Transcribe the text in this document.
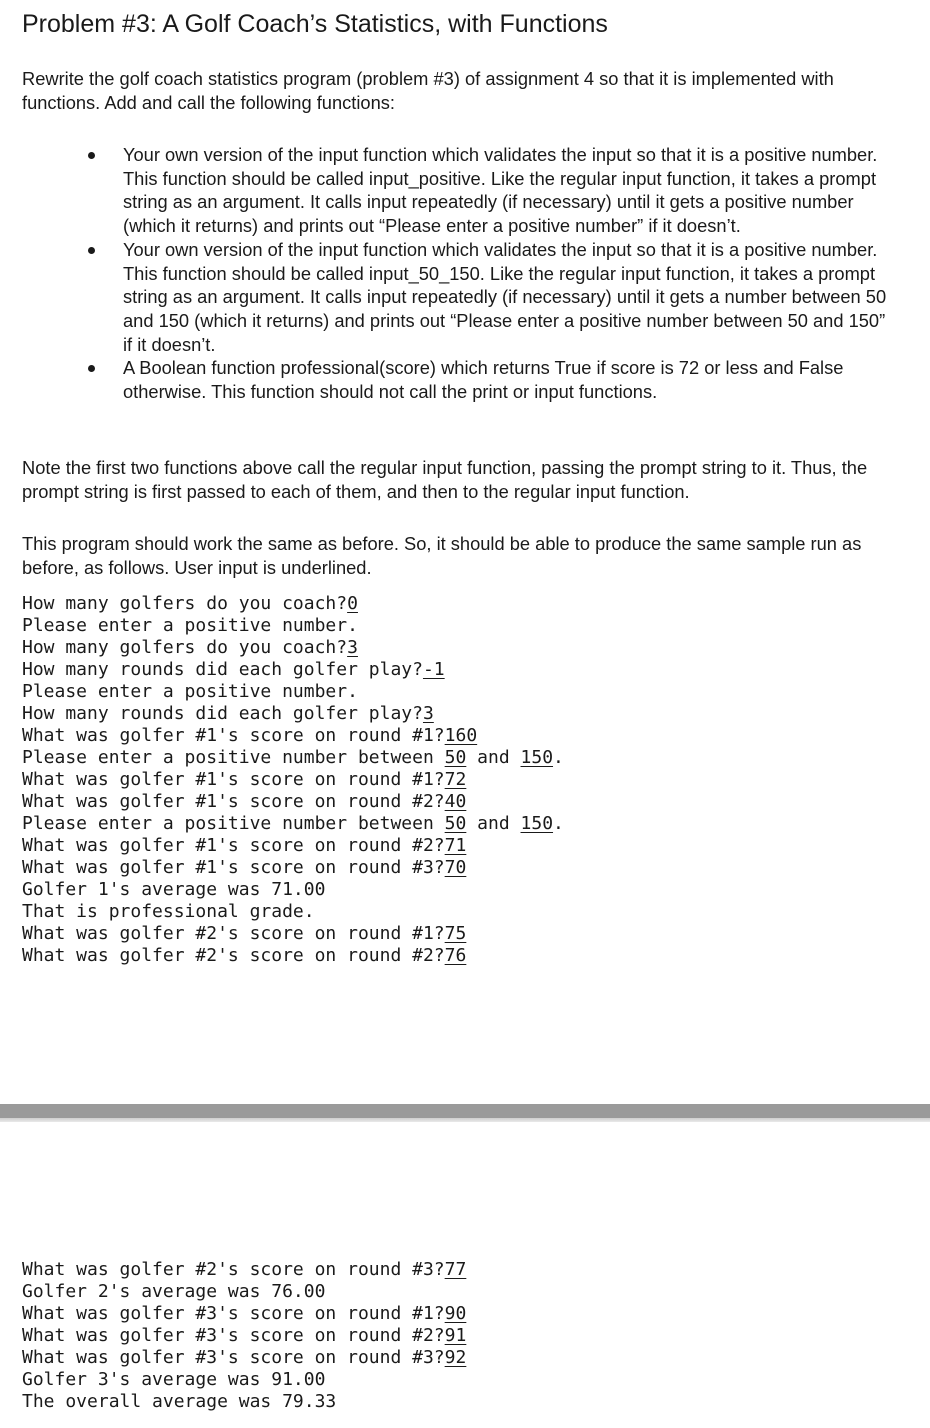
Problem #3: A Golf Coach’s Statistics, with Functions

Rewrite the golf coach statistics program (problem #3) of assignment 4 so that it is implemented with functions. Add and call the following functions:

Your own version of the input function which validates the input so that it is a positive number. This function should be called input_positive. Like the regular input function, it takes a prompt string as an argument. It calls input repeatedly (if necessary) until it gets a positive number (which it returns) and prints out “Please enter a positive number” if it doesn’t.
Your own version of the input function which validates the input so that it is a positive number. This function should be called input_50_150. Like the regular input function, it takes a prompt string as an argument. It calls input repeatedly (if necessary) until it gets a number between 50 and 150 (which it returns) and prints out “Please enter a positive number between 50 and 150” if it doesn’t.
A Boolean function professional(score) which returns True if score is 72 or less and False otherwise. This function should not call the print or input functions.

Note the first two functions above call the regular input function, passing the prompt string to it. Thus, the prompt string is first passed to each of them, and then to the regular input function.

This program should work the same as before. So, it should be able to produce the same sample run as before, as follows. User input is underlined.

How many golfers do you coach?0
Please enter a positive number.
How many golfers do you coach?3
How many rounds did each golfer play?-1
Please enter a positive number.
How many rounds did each golfer play?3
What was golfer #1's score on round #1?160
Please enter a positive number between 50 and 150.
What was golfer #1's score on round #1?72
What was golfer #1's score on round #2?40
Please enter a positive number between 50 and 150.
What was golfer #1's score on round #2?71
What was golfer #1's score on round #3?70
Golfer 1's average was 71.00
That is professional grade.
What was golfer #2's score on round #1?75
What was golfer #2's score on round #2?76
What was golfer #2's score on round #3?77
Golfer 2's average was 76.00
What was golfer #3's score on round #1?90
What was golfer #3's score on round #2?91
What was golfer #3's score on round #3?92
Golfer 3's average was 91.00
The overall average was 79.33
